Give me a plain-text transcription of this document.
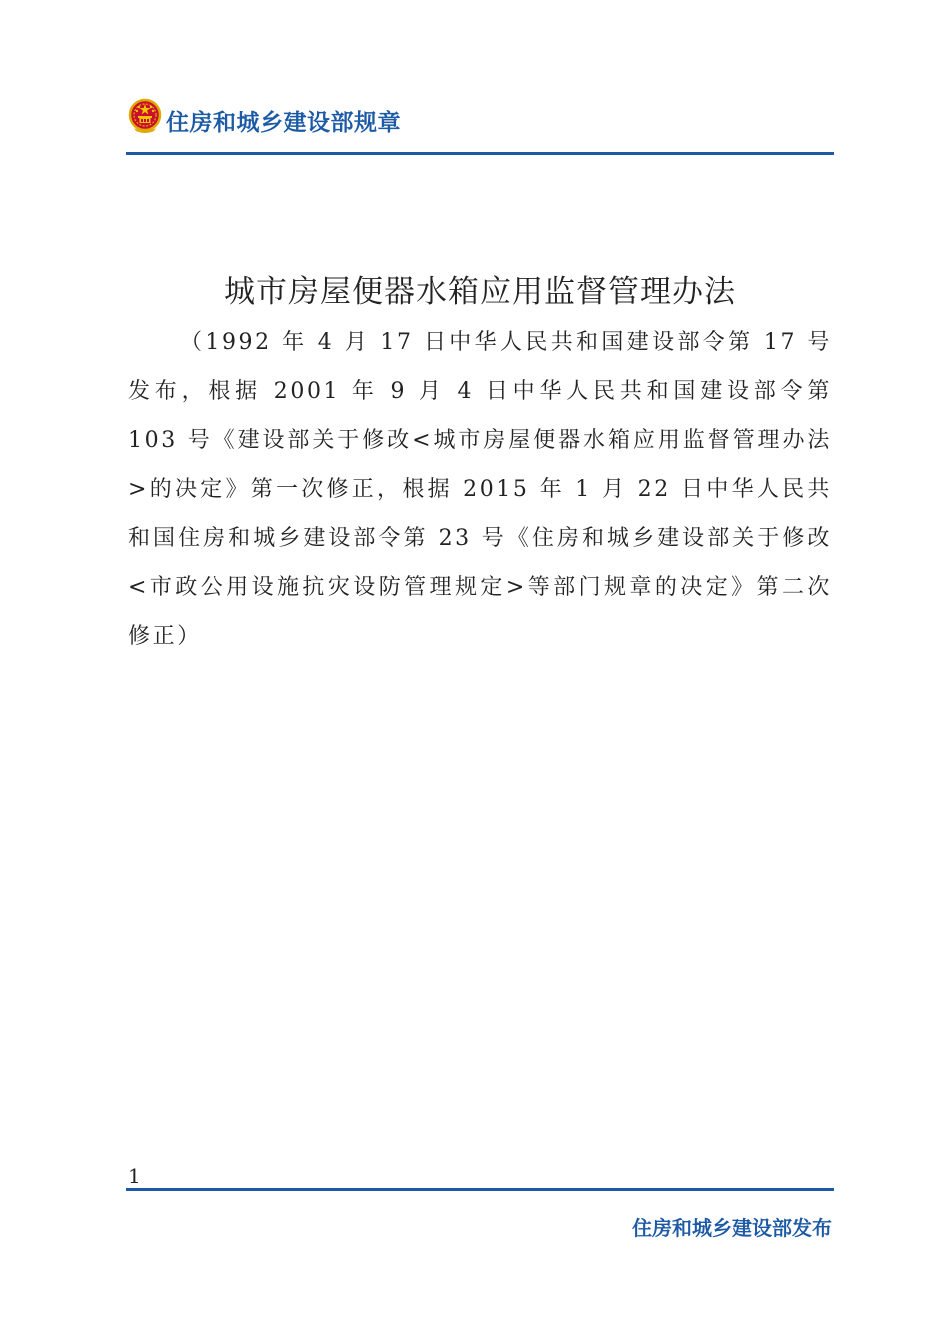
住房和城乡建设部规章
城市房屋便器水箱应用监督管理办法
（1992 年 4 月 17 日中华人民共和国建设部令第 17 号发布，根据 2001 年 9 月 4 日中华人民共和国建设部令第 103 号《建设部关于修改<城市房屋便器水箱应用监督管理办法>的决定》第一次修正，根据 2015 年 1 月 22 日中华人民共和国住房和城乡建设部令第 23 号《住房和城乡建设部关于修改<市政公用设施抗灾设防管理规定>等部门规章的决定》第二次修正）
1
住房和城乡建设部发布
